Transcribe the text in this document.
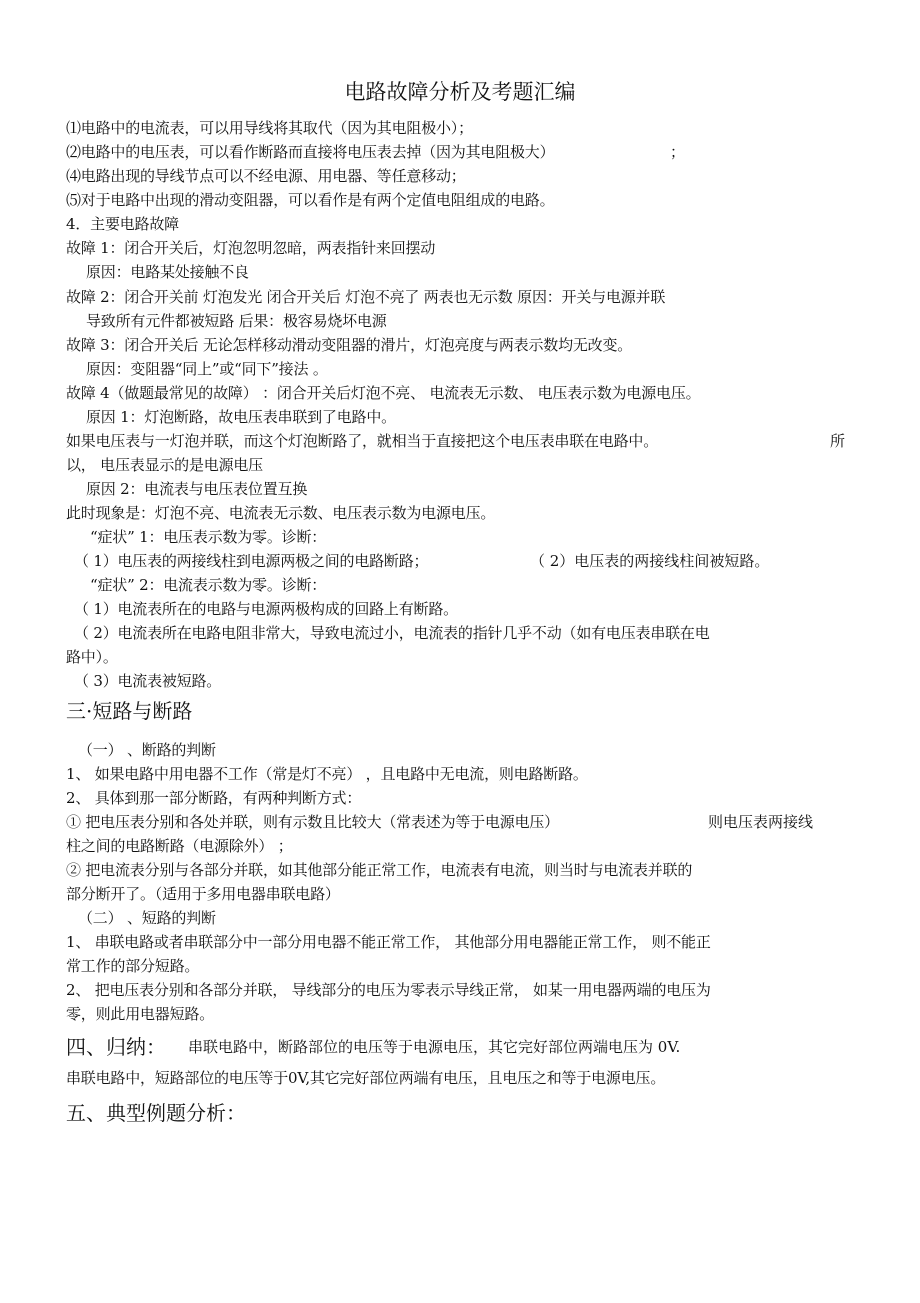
电路故障分析及考题汇编
⑴电路中的电流表，可以用导线将其取代（因为其电阻极小）；
⑵电路中的电压表，可以看作断路而直接将电压表去掉（因为其电阻极大）	；
⑷电路出现的导线节点可以不经电源、用电器、等任意移动；
⑸对于电路中出现的滑动变阻器，可以看作是有两个定值电阻组成的电路。
4．主要电路故障
故障 1：闭合开关后，灯泡忽明忽暗，两表指针来回摆动
原因：电路某处接触不良
故障 2：闭合开关前 灯泡发光 闭合开关后 灯泡不亮了 两表也无示数 原因：开关与电源并联
导致所有元件都被短路 后果：极容易烧坏电源
故障 3：闭合开关后 无论怎样移动滑动变阻器的滑片，灯泡亮度与两表示数均无改变。
原因：变阻器“同上”或“同下”接法 。
故障 4（做题最常见的故障） ：闭合开关后灯泡不亮、 电流表无示数、 电压表示数为电源电压。
原因 1：灯泡断路，故电压表串联到了电路中。
如果电压表与一灯泡并联，而这个灯泡断路了，就相当于直接把这个电压表串联在电路中。	所
以， 电压表显示的是电源电压
原因 2：电流表与电压表位置互换
此时现象是：灯泡不亮、电流表无示数、电压表示数为电源电压。
“症状” 1：电压表示数为零。诊断：
（ 1）电压表的两接线柱到电源两极之间的电路断路；	（ 2）电压表的两接线柱间被短路。
“症状” 2：电流表示数为零。诊断：
（ 1）电流表所在的电路与电源两极构成的回路上有断路。
（ 2）电流表所在电路电阻非常大，导致电流过小，电流表的指针几乎不动（如有电压表串联在电
路中）。
（ 3）电流表被短路。
三·短路与断路
（一） 、断路的判断
1、 如果电路中用电器不工作（常是灯不亮） ，且电路中无电流，则电路断路。
2、 具体到那一部分断路，有两种判断方式：
① 把电压表分别和各处并联，则有示数且比较大（常表述为等于电源电压）	则电压表两接线
柱之间的电路断路（电源除外） ；
② 把电流表分别与各部分并联，如其他部分能正常工作，电流表有电流，则当时与电流表并联的
部分断开了。（适用于多用电器串联电路）
（二） 、短路的判断
1、 串联电路或者串联部分中一部分用电器不能正常工作， 其他部分用电器能正常工作， 则不能正
常工作的部分短路。
2、 把电压表分别和各部分并联， 导线部分的电压为零表示导线正常， 如某一用电器两端的电压为
零，则此用电器短路。
四、归纳： 串联电路中，断路部位的电压等于电源电压，其它完好部位两端电压为 0V.
串联电路中，短路部位的电压等于0V,其它完好部位两端有电压，且电压之和等于电源电压。
五、典型例题分析：
